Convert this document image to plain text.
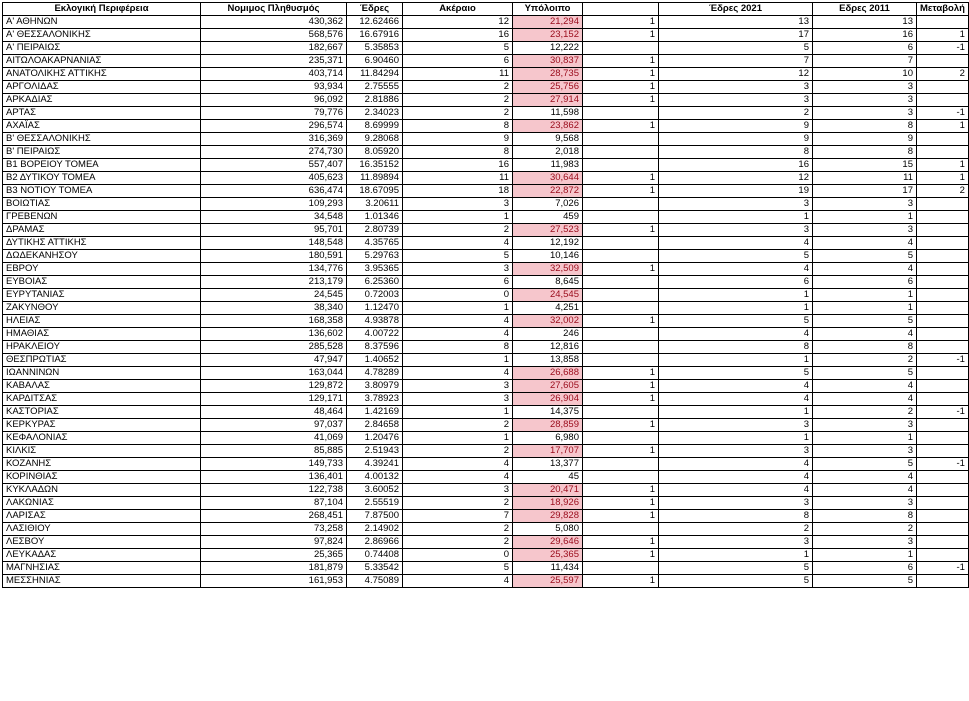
Εκλογική Περιφέρεια	Νομιμος Πληθυσμός	Έδρες	Ακέραιο	Υπόλοιπο		Έδρες 2021	Εδρες 2011	Μεταβολή
Α' ΑΘΗΝΩΝ	430,362	12.62466	12	21,294	1	13	13	
Α' ΘΕΣΣΑΛΟΝΙΚΗΣ	568,576	16.67916	16	23,152	1	17	16	1
Α' ΠΕΙΡΑΙΩΣ	182,667	5.35853	5	12,222		5	6	-1
ΑΙΤΩΛΟΑΚΑΡΝΑΝΙΑΣ	235,371	6.90460	6	30,837	1	7	7	
ΑΝΑΤΟΛΙΚΗΣ ΑΤΤΙΚΗΣ	403,714	11.84294	11	28,735	1	12	10	2
ΑΡΓΟΛΙΔΑΣ	93,934	2.75555	2	25,756	1	3	3	
ΑΡΚΑΔΙΑΣ	96,092	2.81886	2	27,914	1	3	3	
ΑΡΤΑΣ	79,776	2.34023	2	11,598		2	3	-1
ΑΧΑΪΑΣ	296,574	8.69999	8	23,862	1	9	8	1
Β' ΘΕΣΣΑΛΟΝΙΚΗΣ	316,369	9.28068	9	9,568		9	9	
Β' ΠΕΙΡΑΙΩΣ	274,730	8.05920	8	2,018		8	8	
Β1 ΒΟΡΕΙΟΥ ΤΟΜΕΑ	557,407	16.35152	16	11,983		16	15	1
Β2 ΔΥΤΙΚΟΥ ΤΟΜΕΑ	405,623	11.89894	11	30,644	1	12	11	1
Β3 ΝΟΤΙΟΥ ΤΟΜΕΑ	636,474	18.67095	18	22,872	1	19	17	2
ΒΟΙΩΤΙΑΣ	109,293	3.20611	3	7,026		3	3	
ΓΡΕΒΕΝΩΝ	34,548	1.01346	1	459		1	1	
ΔΡΑΜΑΣ	95,701	2.80739	2	27,523	1	3	3	
ΔΥΤΙΚΗΣ ΑΤΤΙΚΗΣ	148,548	4.35765	4	12,192		4	4	
ΔΩΔΕΚΑΝΗΣΟΥ	180,591	5.29763	5	10,146		5	5	
ΕΒΡΟΥ	134,776	3.95365	3	32,509	1	4	4	
ΕΥΒΟΙΑΣ	213,179	6.25360	6	8,645		6	6	
ΕΥΡΥΤΑΝΙΑΣ	24,545	0.72003	0	24,545		1	1	
ΖΑΚΥΝΘΟΥ	38,340	1.12470	1	4,251		1	1	
ΗΛΕΙΑΣ	168,358	4.93878	4	32,002	1	5	5	
ΗΜΑΘΙΑΣ	136,602	4.00722	4	246		4	4	
ΗΡΑΚΛΕΙΟΥ	285,528	8.37596	8	12,816		8	8	
ΘΕΣΠΡΩΤΙΑΣ	47,947	1.40652	1	13,858		1	2	-1
ΙΩΑΝΝΙΝΩΝ	163,044	4.78289	4	26,688	1	5	5	
ΚΑΒΑΛΑΣ	129,872	3.80979	3	27,605	1	4	4	
ΚΑΡΔΙΤΣΑΣ	129,171	3.78923	3	26,904	1	4	4	
ΚΑΣΤΟΡΙΑΣ	48,464	1.42169	1	14,375		1	2	-1
ΚΕΡΚΥΡΑΣ	97,037	2.84658	2	28,859	1	3	3	
ΚΕΦΑΛΟΝΙΑΣ	41,069	1.20476	1	6,980		1	1	
ΚΙΛΚΙΣ	85,885	2.51943	2	17,707	1	3	3	
ΚΟΖΑΝΗΣ	149,733	4.39241	4	13,377		4	5	-1
ΚΟΡΙΝΘΙΑΣ	136,401	4.00132	4	45		4	4	
ΚΥΚΛΑΔΩΝ	122,738	3.60052	3	20,471	1	4	4	
ΛΑΚΩΝΙΑΣ	87,104	2.55519	2	18,926	1	3	3	
ΛΑΡΙΣΑΣ	268,451	7.87500	7	29,828	1	8	8	
ΛΑΣΙΘΙΟΥ	73,258	2.14902	2	5,080		2	2	
ΛΕΣΒΟΥ	97,824	2.86966	2	29,646	1	3	3	
ΛΕΥΚΑΔΑΣ	25,365	0.74408	0	25,365	1	1	1	
ΜΑΓΝΗΣΙΑΣ	181,879	5.33542	5	11,434		5	6	-1
ΜΕΣΣΗΝΙΑΣ	161,953	4.75089	4	25,597	1	5	5	
